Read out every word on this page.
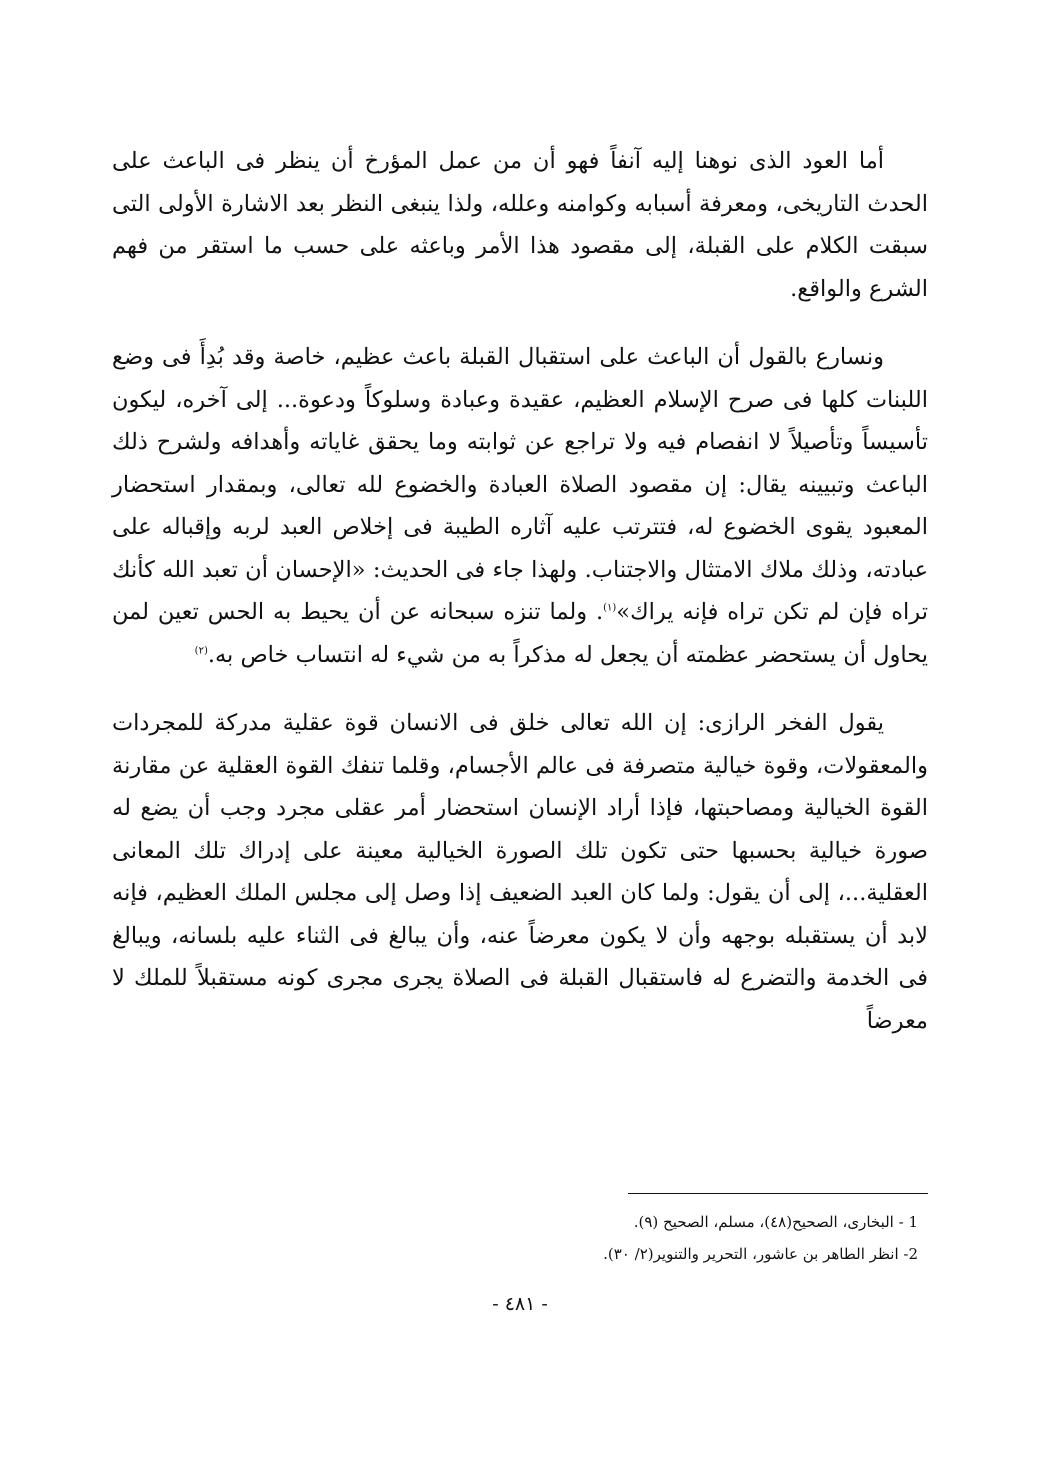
أما العود الذى نوهنا إليه آنفاً فهو أن من عمل المؤرخ أن ينظر فى الباعث على الحدث التاريخى، ومعرفة أسبابه وكوامنه وعلله، ولذا ينبغى النظر بعد الاشارة الأولى التى سبقت الكلام على القبلة، إلى مقصود هذا الأمر وباعثه على حسب ما استقر من فهم الشرع والواقع.

ونسارع بالقول أن الباعث على استقبال القبلة باعث عظيم، خاصة وقد بُدِأَ فى وضع اللبنات كلها فى صرح الإسلام العظيم، عقيدة وعبادة وسلوكاً ودعوة... إلى آخره، ليكون تأسيساً وتأصيلاً لا انفصام فيه ولا تراجع عن ثوابته وما يحقق غاياته وأهدافه ولشرح ذلك الباعث وتبيينه يقال: إن مقصود الصلاة العبادة والخضوع لله تعالى، وبمقدار استحضار المعبود يقوى الخضوع له، فتترتب عليه آثاره الطيبة فى إخلاص العبد لربه وإقباله على عبادته، وذلك ملاك الامتثال والاجتناب. ولهذا جاء فى الحديث: «الإحسان أن تعبد الله كأنك تراه فإن لم تكن تراه فإنه يراك»$^{(١)}$. ولما تنزه سبحانه عن أن يحيط به الحس تعين لمن يحاول أن يستحضر عظمته أن يجعل له مذكراً به من شيء له انتساب خاص به.$^{(٢)}$

يقول الفخر الرازى: إن الله تعالى خلق فى الانسان قوة عقلية مدركة للمجردات والمعقولات، وقوة خيالية متصرفة فى عالم الأجسام، وقلما تنفك القوة العقلية عن مقارنة القوة الخيالية ومصاحبتها، فإذا أراد الإنسان استحضار أمر عقلى مجرد وجب أن يضع له صورة خيالية بحسبها حتى تكون تلك الصورة الخيالية معينة على إدراك تلك المعانى العقلية...، إلى أن يقول: ولما كان العبد الضعيف إذا وصل إلى مجلس الملك العظيم، فإنه لابد أن يستقبله بوجهه وأن لا يكون معرضاً عنه، وأن يبالغ فى الثناء عليه بلسانه، ويبالغ فى الخدمة والتضرع له فاستقبال القبلة فى الصلاة يجرى مجرى كونه مستقبلاً للملك لا معرضاً

1 - البخارى، الصحيح(٤٨)، مسلم، الصحيح (٩).

2- انظر الطاهر بن عاشور، التحرير والتنوير(٢/ ٣٠).

- ٤٨١ -
